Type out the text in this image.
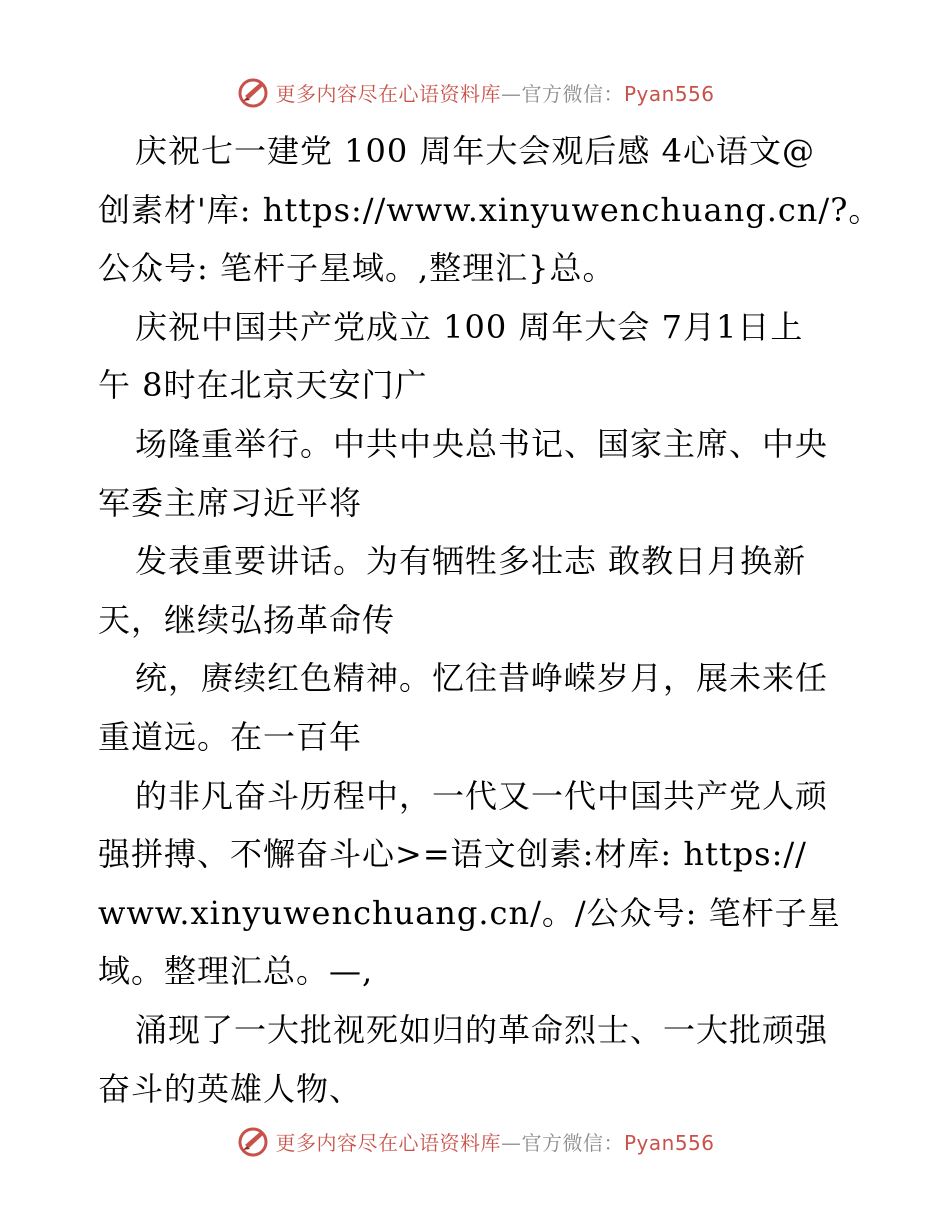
更多内容尽在心语资料库—官方微信：Pyan556
庆祝七一建党 100 周年大会观后感 4心语文@
创素材'库: https://www.xinyuwenchuang.cn/?。
公众号: 笔杆子星域。,整理汇}总。
庆祝中国共产党成立 100 周年大会 7月1日上
午 8时在北京天安门广
场隆重举行。中共中央总书记、国家主席、中央
军委主席习近平将
发表重要讲话。为有牺牲多壮志 敢教日月换新
天，继续弘扬革命传
统，赓续红色精神。忆往昔峥嵘岁月，展未来任
重道远。在一百年
的非凡奋斗历程中，一代又一代中国共产党人顽
强拼搏、不懈奋斗心>=语文创素:材库: https://
www.xinyuwenchuang.cn/。/公众号: 笔杆子星
域。整理汇总。—,
涌现了一大批视死如归的革命烈士、一大批顽强
奋斗的英雄人物、
更多内容尽在心语资料库—官方微信：Pyan556
